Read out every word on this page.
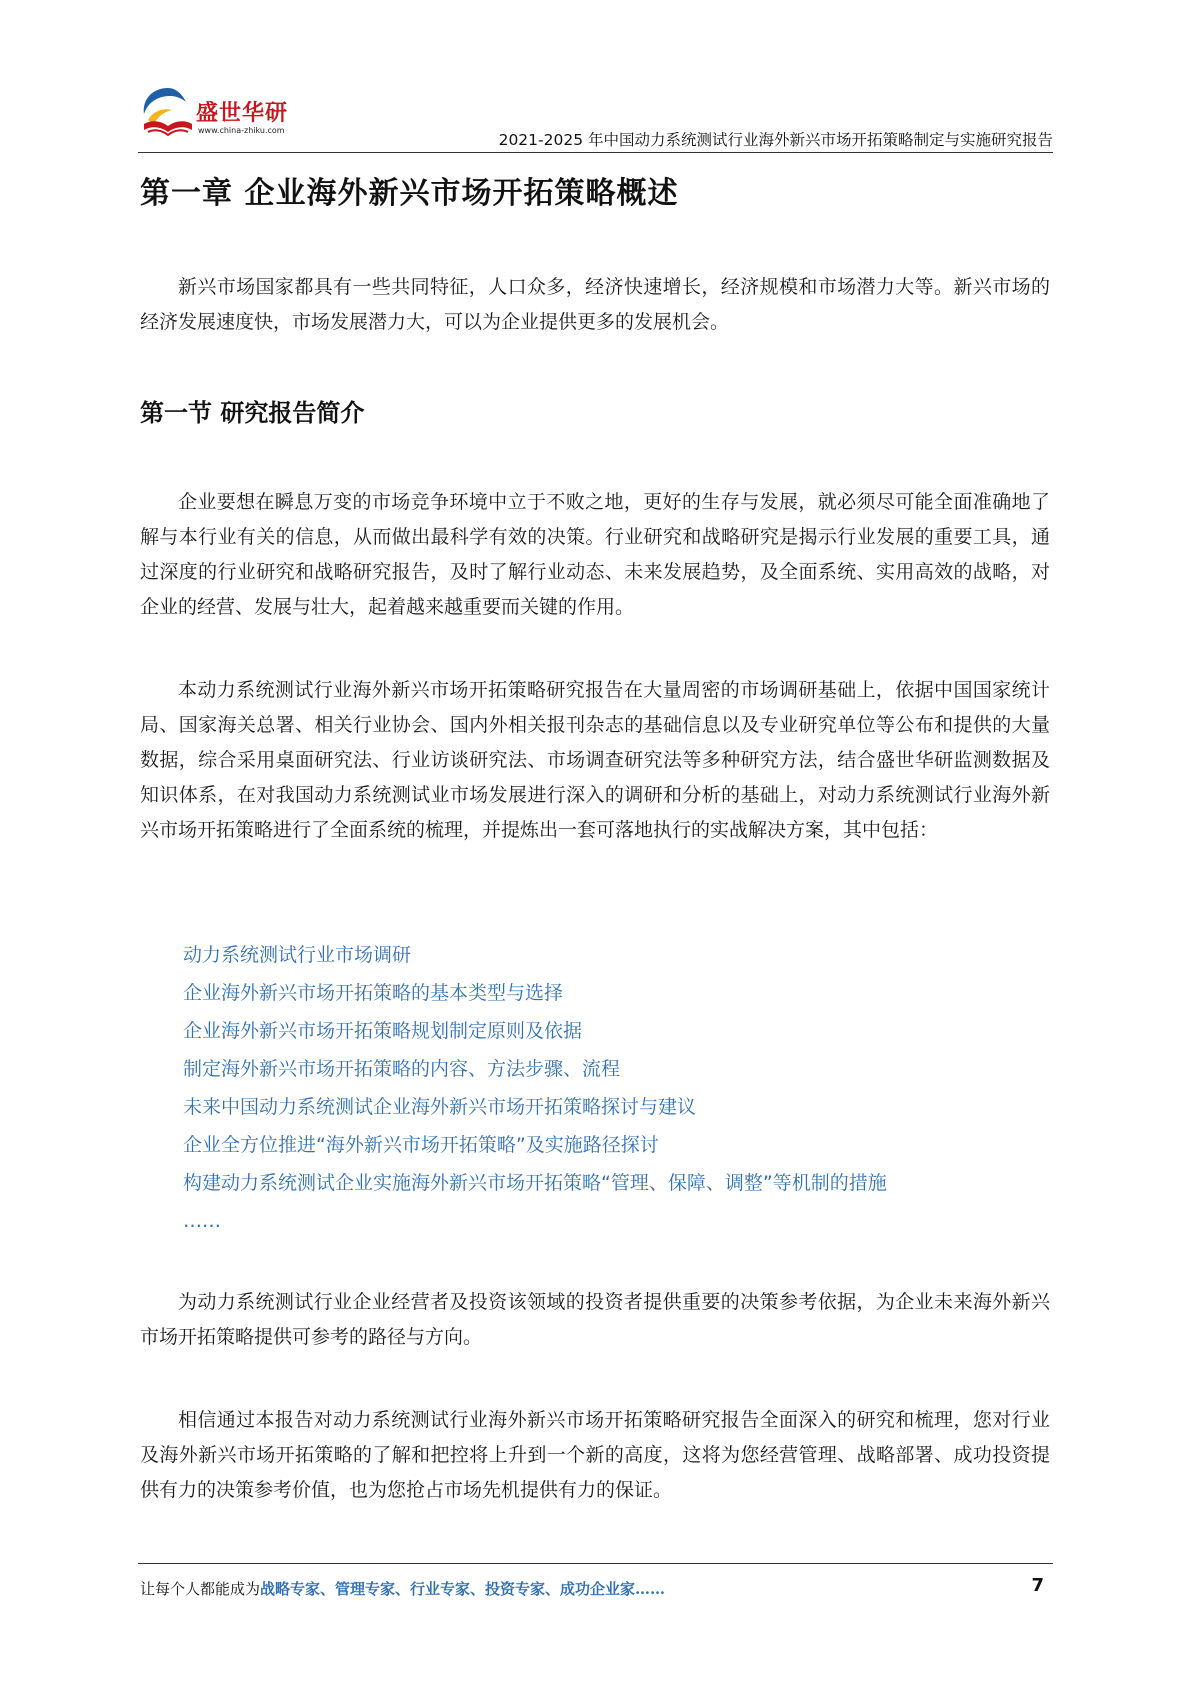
盛世华研
www.china-zhiku.com
2021-2025 年中国动力系统测试行业海外新兴市场开拓策略制定与实施研究报告
第一章 企业海外新兴市场开拓策略概述

新兴市场国家都具有一些共同特征，人口众多，经济快速增长，经济规模和市场潜力大等。新兴市场的经济发展速度快，市场发展潜力大，可以为企业提供更多的发展机会。

第一节 研究报告简介

企业要想在瞬息万变的市场竞争环境中立于不败之地，更好的生存与发展，就必须尽可能全面准确地了解与本行业有关的信息，从而做出最科学有效的决策。行业研究和战略研究是揭示行业发展的重要工具，通过深度的行业研究和战略研究报告，及时了解行业动态、未来发展趋势，及全面系统、实用高效的战略，对企业的经营、发展与壮大，起着越来越重要而关键的作用。

本动力系统测试行业海外新兴市场开拓策略研究报告在大量周密的市场调研基础上，依据中国国家统计局、国家海关总署、相关行业协会、国内外相关报刊杂志的基础信息以及专业研究单位等公布和提供的大量数据，综合采用桌面研究法、行业访谈研究法、市场调查研究法等多种研究方法，结合盛世华研监测数据及知识体系，在对我国动力系统测试业市场发展进行深入的调研和分析的基础上，对动力系统测试行业海外新兴市场开拓策略进行了全面系统的梳理，并提炼出一套可落地执行的实战解决方案，其中包括：

动力系统测试行业市场调研
企业海外新兴市场开拓策略的基本类型与选择
企业海外新兴市场开拓策略规划制定原则及依据
制定海外新兴市场开拓策略的内容、方法步骤、流程
未来中国动力系统测试企业海外新兴市场开拓策略探讨与建议
企业全方位推进“海外新兴市场开拓策略”及实施路径探讨
构建动力系统测试企业实施海外新兴市场开拓策略“管理、保障、调整”等机制的措施
……

为动力系统测试行业企业经营者及投资该领域的投资者提供重要的决策参考依据，为企业未来海外新兴市场开拓策略提供可参考的路径与方向。

相信通过本报告对动力系统测试行业海外新兴市场开拓策略研究报告全面深入的研究和梳理，您对行业及海外新兴市场开拓策略的了解和把控将上升到一个新的高度，这将为您经营管理、战略部署、成功投资提供有力的决策参考价值，也为您抢占市场先机提供有力的保证。

让每个人都能成为战略专家、管理专家、行业专家、投资专家、成功企业家……	7
